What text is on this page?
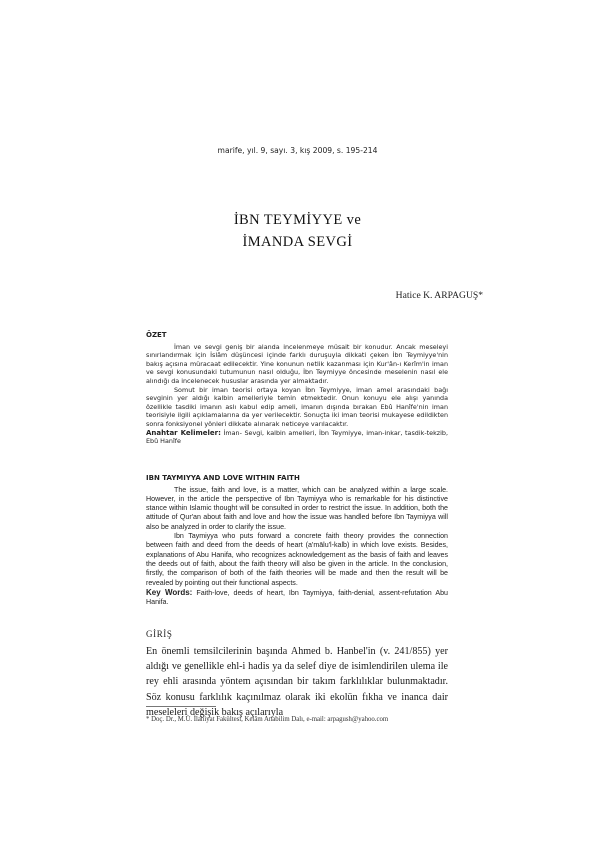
marife, yıl. 9, sayı. 3, kış 2009, s. 195-214
İBN TEYMİYYE ve
İMANDA SEVGİ
Hatice K. ARPAGUŞ*
ÖZET

İman ve sevgi geniş bir alanda incelenmeye müsait bir konudur. Ancak meseleyi sınırlandırmak için İslâm düşüncesi içinde farklı duruşuyla dikkati çeken İbn Teymiyye'nin bakış açısına müracaat edilecektir. Yine konunun netlik kazanması için Kur'ân-ı Kerîm'in iman ve sevgi konusundaki tutumunun nasıl olduğu, İbn Teymiyye öncesinde meselenin nasıl ele alındığı da incelenecek hususlar arasında yer almaktadır.

Somut bir iman teorisi ortaya koyan İbn Teymiyye, iman amel arasındaki bağı sevginin yer aldığı kalbin amelleriyle temin etmektedir. Onun konuyu ele alışı yanında özellikle tasdiki imanın aslı kabul edip ameli, imanın dışında bırakan Ebû Hanîfe'nin iman teorisiyle ilgili açıklamalarına da yer verilecektir. Sonuçta iki iman teorisi mukayese edildikten sonra fonksiyonel yönleri dikkate alınarak neticeye varılacaktır.

Anahtar Kelimeler: İman- Sevgi, kalbin amelleri, İbn Teymiyye, iman-inkar, tasdik-tekzib, Ebû Hanîfe

IBN TAYMIYYA AND LOVE WITHIN FAITH

The issue, faith and love, is a matter, which can be analyzed within a large scale. However, in the article the perspective of Ibn Taymiyya who is remarkable for his distinctive stance within Islamic thought will be consulted in order to restrict the issue. In addition, both the attitude of Qur'an about faith and love and how the issue was handled before Ibn Taymiyya will also be analyzed in order to clarify the issue.

Ibn Taymiyya who puts forward a concrete faith theory provides the connection between faith and deed from the deeds of heart (a'mālu'l-kalb) in which love exists. Besides, explanations of Abu Hanifa, who recognizes acknowledgement as the basis of faith and leaves the deeds out of faith, about the faith theory will also be given in the article. In the conclusion, firstly, the comparison of both of the faith theories will be made and then the result will be revealed by pointing out their functional aspects.

Key Words: Faith-love, deeds of heart, Ibn Taymiyya, faith-denial, assent-refutation Abu Hanifa.

GİRİŞ

En önemli temsilcilerinin başında Ahmed b. Hanbel'in (v. 241/855) yer aldığı ve genellikle ehl-i hadis ya da selef diye de isimlendirilen ulema ile rey ehli arasında yöntem açısından bir takım farklılıklar bulunmaktadır. Söz konusu farklılık kaçınılmaz olarak iki ekolün fıkha ve inanca dair meseleleri değişik bakış açılarıyla

* Doç. Dr., M.Ü. İlahiyat Fakültesi, Kelâm Anabilim Dalı, e-mail: arpagush@yahoo.com
